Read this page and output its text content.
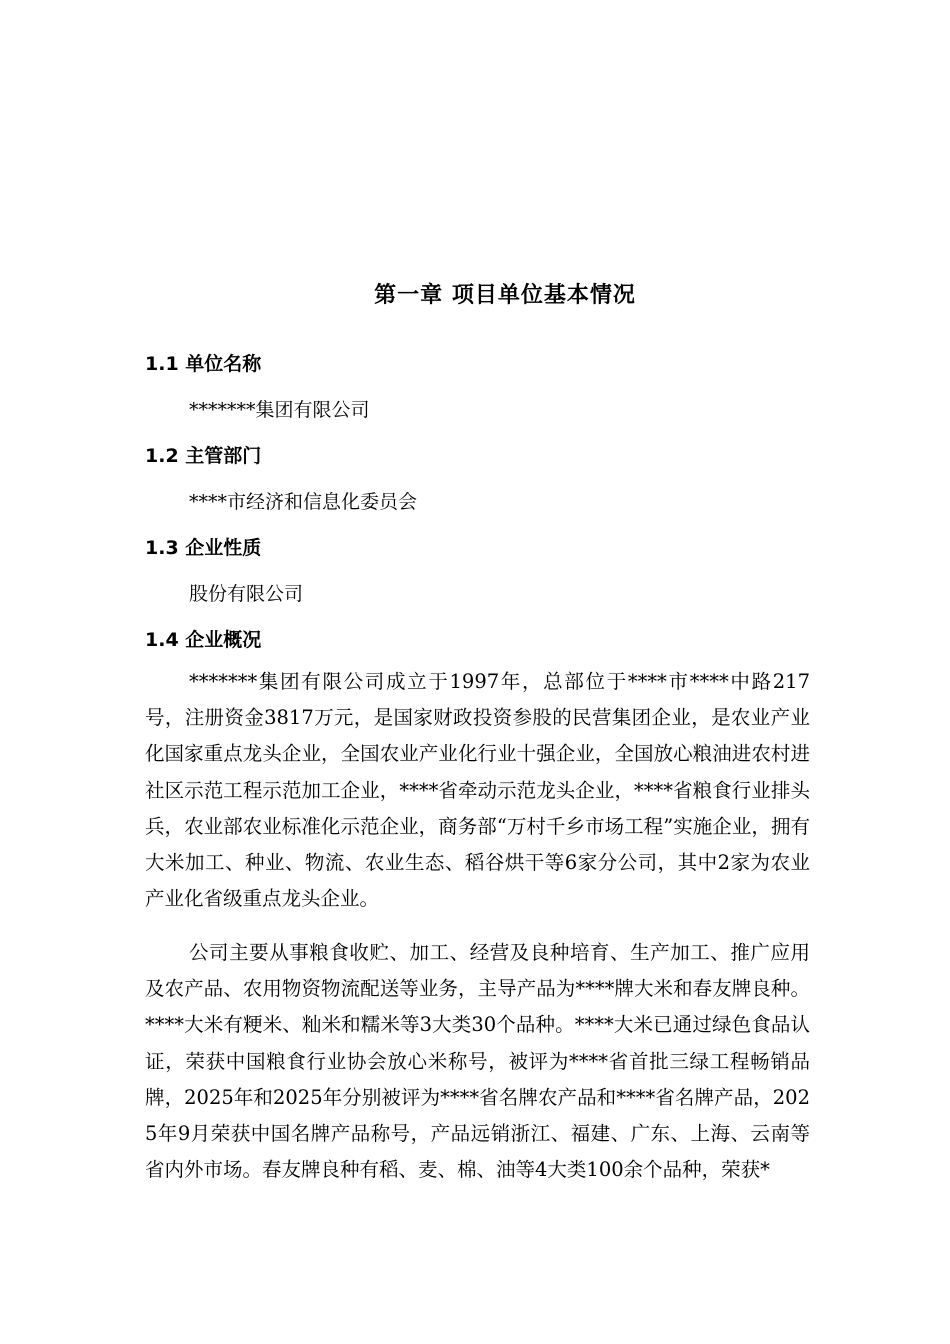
第一章 项目单位基本情况
1.1 单位名称
*******集团有限公司
1.2 主管部门
****市经济和信息化委员会
1.3 企业性质
股份有限公司
1.4 企业概况

*******集团有限公司成立于1997年，总部位于****市****中路217号，注册资金3817万元，是国家财政投资参股的民营集团企业，是农业产业化国家重点龙头企业，全国农业产业化行业十强企业，全国放心粮油进农村进社区示范工程示范加工企业，****省牵动示范龙头企业，****省粮食行业排头兵，农业部农业标准化示范企业，商务部“万村千乡市场工程”实施企业，拥有大米加工、种业、物流、农业生态、稻谷烘干等6家分公司，其中2家为农业产业化省级重点龙头企业。

公司主要从事粮食收贮、加工、经营及良种培育、生产加工、推广应用及农产品、农用物资物流配送等业务，主导产品为****牌大米和春友牌良种。****大米有粳米、籼米和糯米等3大类30个品种。****大米已通过绿色食品认证，荣获中国粮食行业协会放心米称号，被评为****省首批三绿工程畅销品牌，2025年和2025年分别被评为****省名牌农产品和****省名牌产品，2025年9月荣获中国名牌产品称号，产品远销浙江、福建、广东、上海、云南等省内外市场。春友牌良种有稻、麦、棉、油等4大类100余个品种，荣获*
